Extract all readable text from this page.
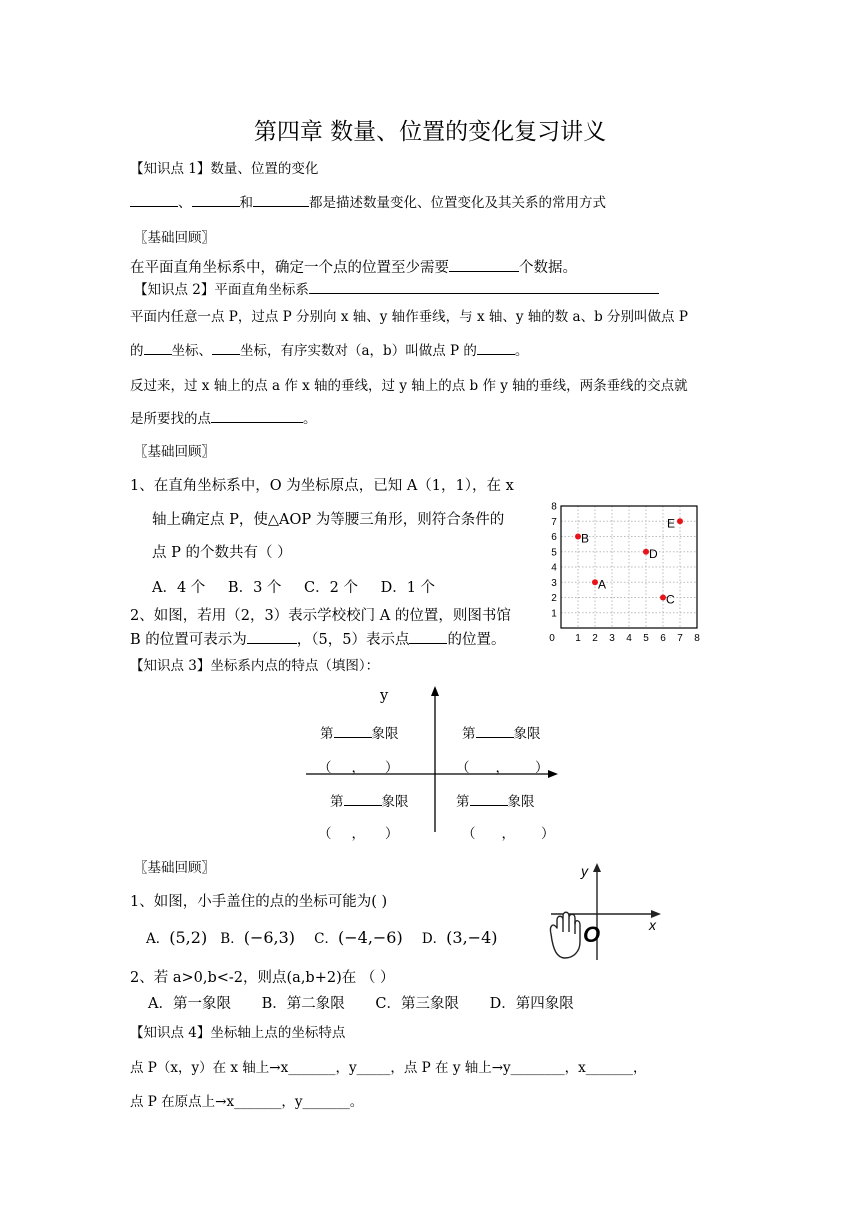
第四章 数量、位置的变化复习讲义
【知识点 1】数量、位置的变化
、	和	都是描述数量变化、位置变化及其关系的常用方式
〖基础回顾〗
在平面直角坐标系中，确定一个点的位置至少需要	个数据。
【知识点 2】平面直角坐标系
平面内任意一点 P，过点 P 分别向 x 轴、y 轴作垂线，与 x 轴、y 轴的数 a、b 分别叫做点 P
的 坐标、 坐标，有序实数对（a，b）叫做点 P 的	。
反过来，过 x 轴上的点 a 作 x 轴的垂线，过 y 轴上的点 b 作 y 轴的垂线，两条垂线的交点就
是所要找的点	。
〖基础回顾〗
1、在直角坐标系中，O 为坐标原点，已知 A（1，1），在 x
轴上确定点 P，使△AOP 为等腰三角形，则符合条件的
点 P 的个数共有（ ）
A．4 个 B．3 个 C．2 个 D．1 个
2、如图，若用（2，3）表示学校校门 A 的位置，则图书馆
B 的位置可表示为	，（5，5）表示点	的位置。	0 1 2 3 4 5 6 7 8
1
2
3
4
5
6
7
8
B
E
D
A
C
【知识点 3】坐标系内点的特点（填图）：
y
第	象限	第	象限
（ ， ）	（ ， ）
第	象限	第	象限
（ ， ）	（ ， ）
〖基础回顾〗
1、如图，小手盖住的点的坐标可能为( )
A．(5,2) B．(−6,3) C．(−4,−6) D．(3,−4)
y
x
O
2、若 a>0,b<-2，则点(a,b+2)在 （ ）
A．第一象限 B．第二象限 C．第三象限 D．第四象限
【知识点 4】坐标轴上点的坐标特点
点 P（x，y）在 x 轴上→x_______，y_____，点 P 在 y 轴上→y________，x_______，
点 P 在原点上→x_______，y_______。
